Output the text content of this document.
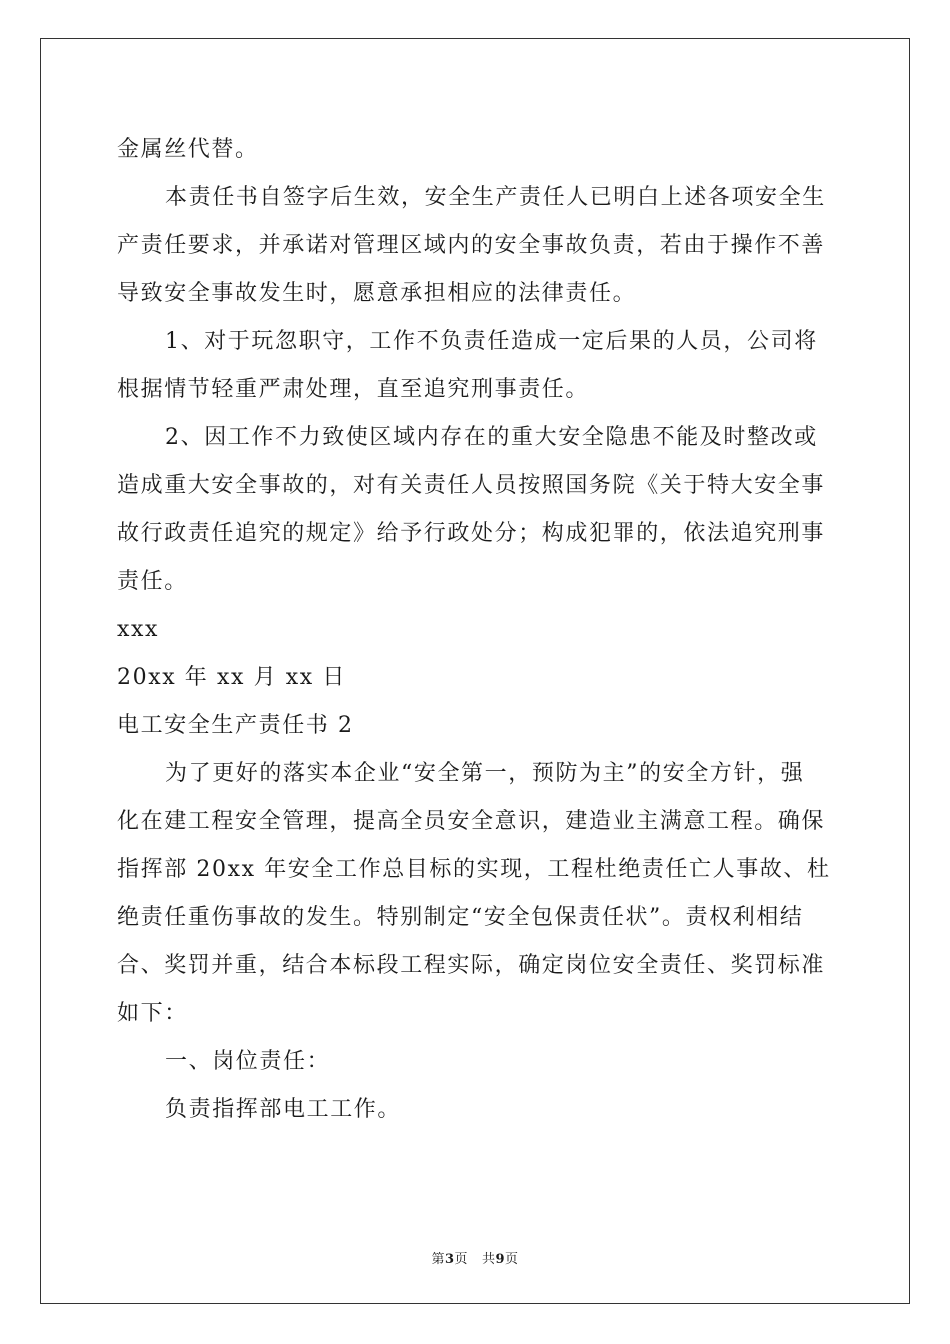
金属丝代替。
本责任书自签字后生效，安全生产责任人已明白上述各项安全生
产责任要求，并承诺对管理区域内的安全事故负责，若由于操作不善
导致安全事故发生时，愿意承担相应的法律责任。
1、对于玩忽职守，工作不负责任造成一定后果的人员，公司将
根据情节轻重严肃处理，直至追究刑事责任。
2、因工作不力致使区域内存在的重大安全隐患不能及时整改或
造成重大安全事故的，对有关责任人员按照国务院《关于特大安全事
故行政责任追究的规定》给予行政处分；构成犯罪的，依法追究刑事
责任。
xxx
20xx 年 xx 月 xx 日
电工安全生产责任书 2
为了更好的落实本企业“安全第一，预防为主”的安全方针，强
化在建工程安全管理，提高全员安全意识，建造业主满意工程。确保
指挥部 20xx 年安全工作总目标的实现，工程杜绝责任亡人事故、杜
绝责任重伤事故的发生。特别制定“安全包保责任状”。责权利相结
合、奖罚并重，结合本标段工程实际，确定岗位安全责任、奖罚标准
如下：
一、岗位责任：
负责指挥部电工工作。
第3页 共9页
